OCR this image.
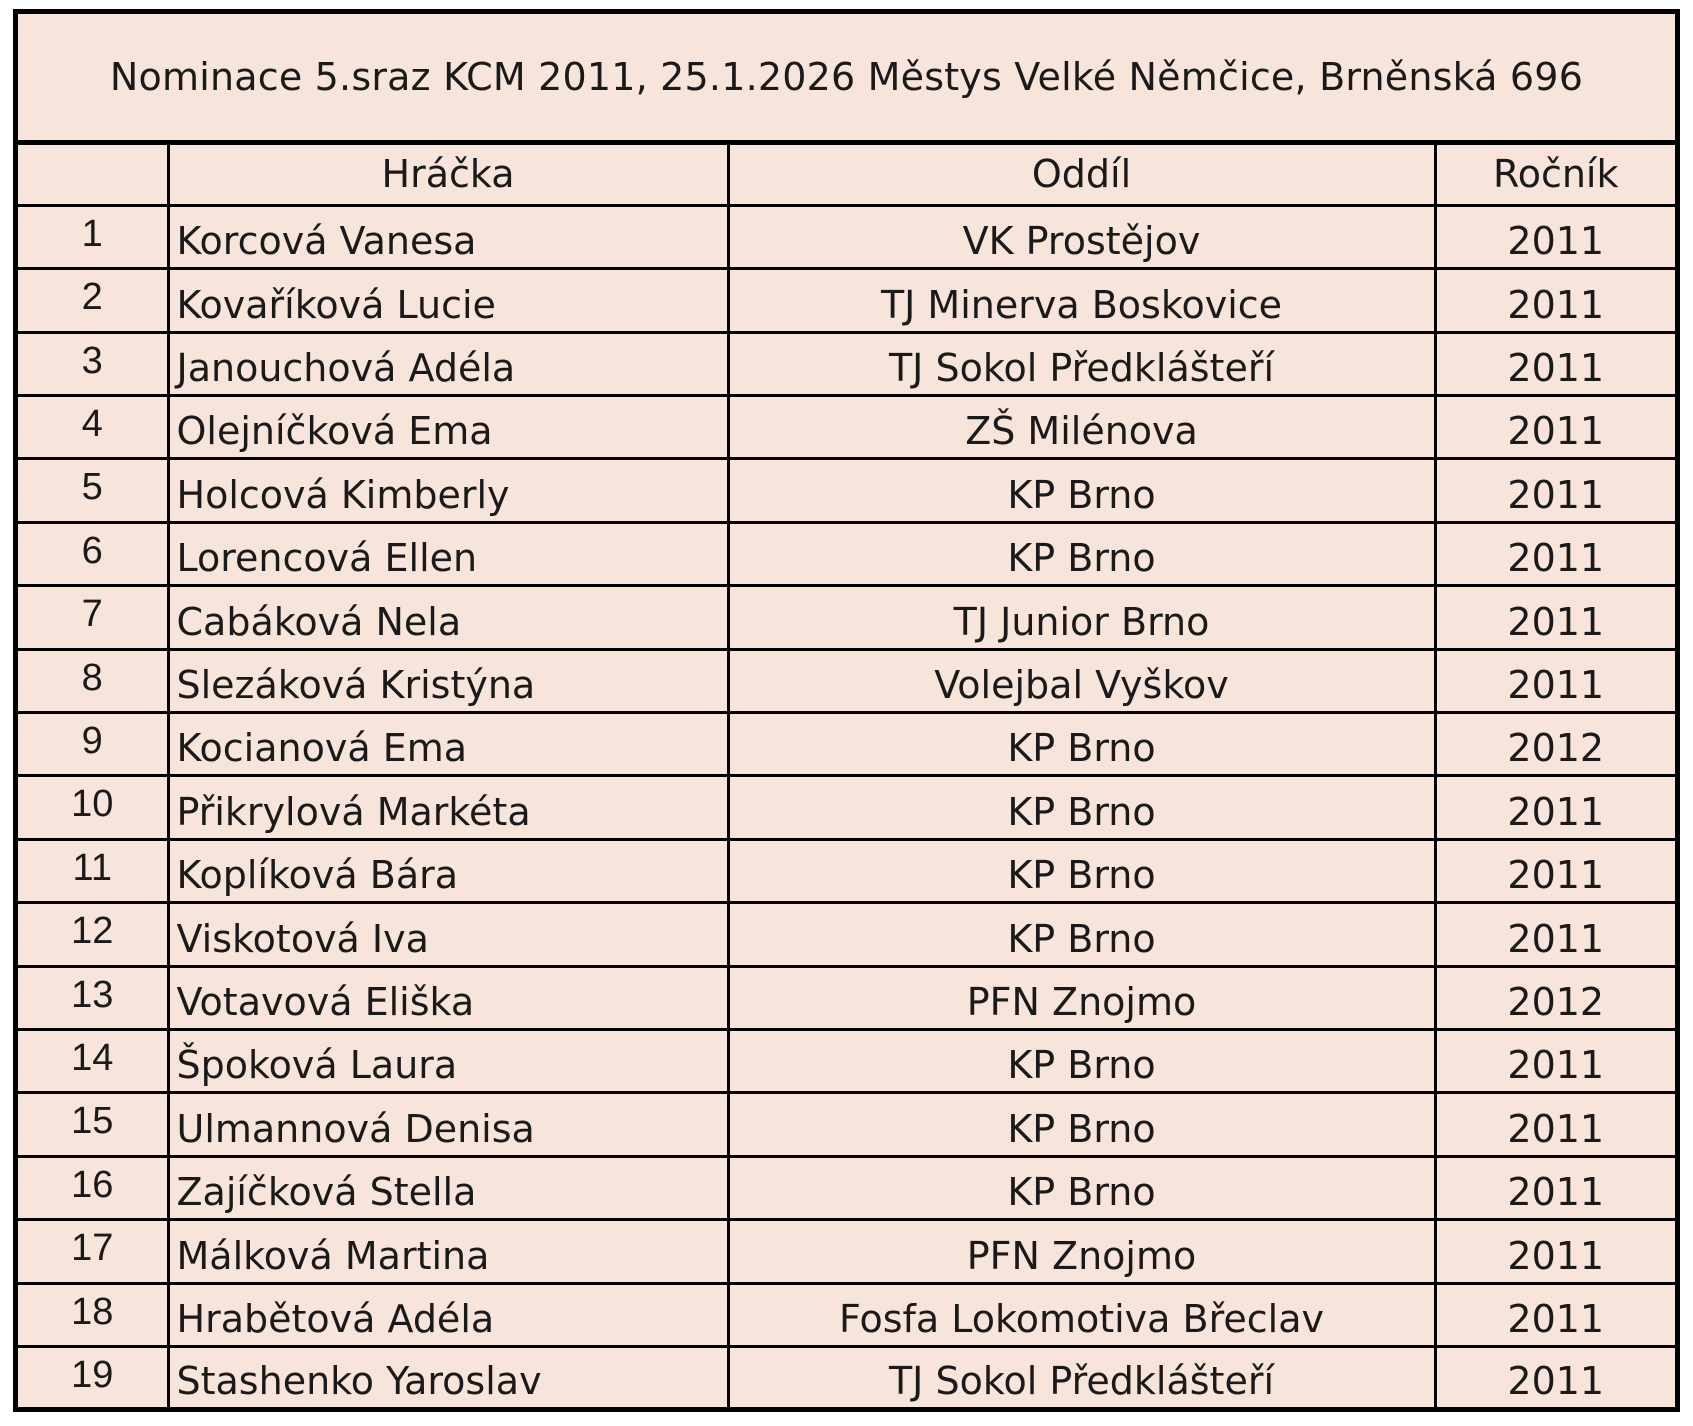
Nominace 5.sraz KCM 2011, 25.1.2026 Městys Velké Němčice, Brněnská 696
	Hráčka	Oddíl	Ročník
1	Korcová Vanesa	VK Prostějov	2011
2	Kovaříková Lucie	TJ Minerva Boskovice	2011
3	Janouchová Adéla	TJ Sokol Předklášteří	2011
4	Olejníčková Ema	ZŠ Milénova	2011
5	Holcová Kimberly	KP Brno	2011
6	Lorencová Ellen	KP Brno	2011
7	Cabáková Nela	TJ Junior Brno	2011
8	Slezáková Kristýna	Volejbal Vyškov	2011
9	Kocianová Ema	KP Brno	2012
10	Přikrylová Markéta	KP Brno	2011
11	Koplíková Bára	KP Brno	2011
12	Viskotová Iva	KP Brno	2011
13	Votavová Eliška	PFN Znojmo	2012
14	Špoková Laura	KP Brno	2011
15	Ulmannová Denisa	KP Brno	2011
16	Zajíčková Stella	KP Brno	2011
17	Málková Martina	PFN Znojmo	2011
18	Hrabětová Adéla	Fosfa Lokomotiva Břeclav	2011
19	Stashenko Yaroslav	TJ Sokol Předklášteří	2011
